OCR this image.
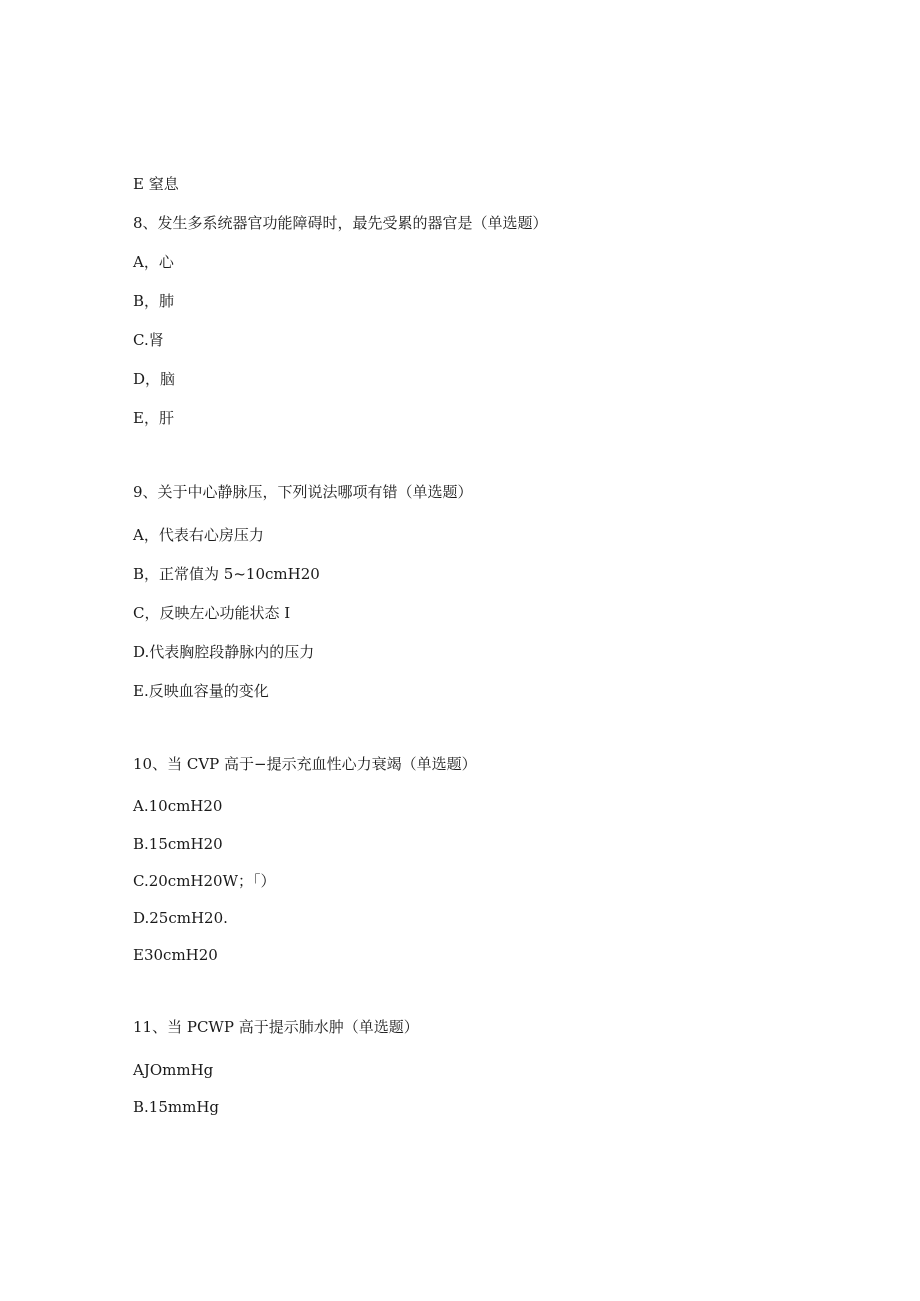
E 窒息

8、发生多系统器官功能障碍时，最先受累的器官是（单选题）

A，心

B，肺

C.肾

D，脑

E，肝

9、关于中心静脉压，下列说法哪项有错（单选题）

A，代表右心房压力

B，正常值为 5~10cmH20

C，反映左心功能状态 I

D.代表胸腔段静脉内的压力

E.反映血容量的变化

10、当 CVP 高于−提示充血性心力衰竭（单选题）

A.10cmH20

B.15cmH20

C.20cmH20W；「）

D.25cmH20.

E30cmH20

11、当 PCWP 高于提示肺水肿（单选题）

AJOmmHg

B.15mmHg
